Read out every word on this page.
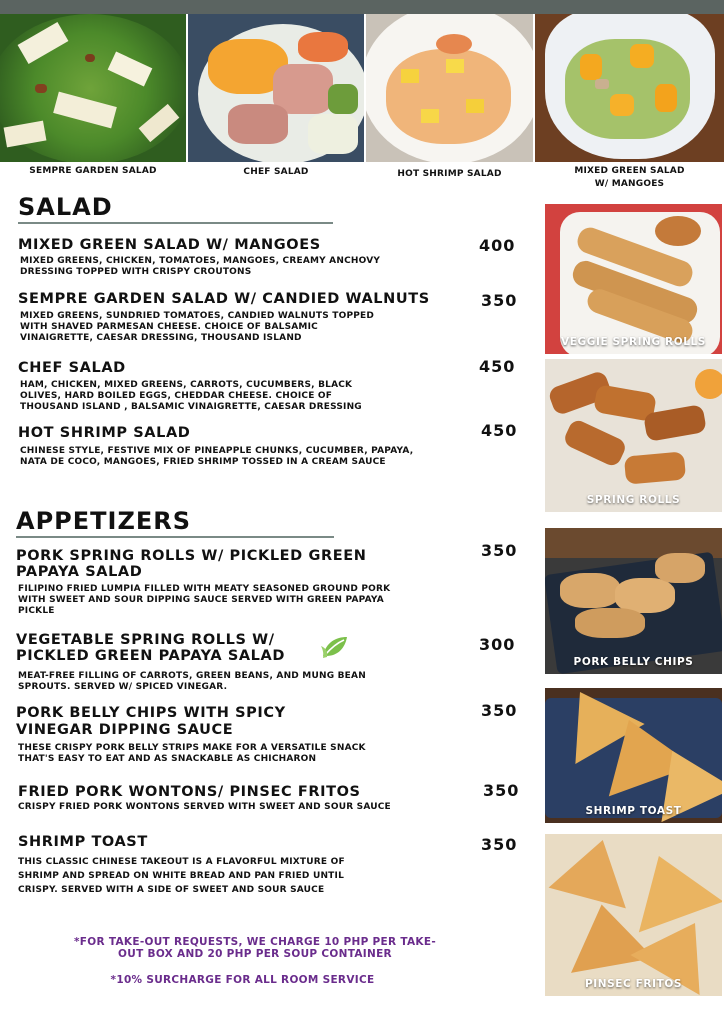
SEMPRE GARDEN SALAD	CHEF SALAD	HOT SHRIMP SALAD	MIXED GREEN SALAD
W/ MANGOES
SALAD
MIXED GREEN SALAD W/ MANGOES	400
MIXED GREENS, CHICKEN, TOMATOES, MANGOES, CREAMY ANCHOVY
DRESSING TOPPED WITH CRISPY CROUTONS
SEMPRE GARDEN SALAD W/ CANDIED WALNUTS	350
MIXED GREENS, SUNDRIED TOMATOES, CANDIED WALNUTS TOPPED
WITH SHAVED PARMESAN CHEESE. CHOICE OF BALSAMIC
VINAIGRETTE, CAESAR DRESSING, THOUSAND ISLAND
CHEF SALAD	450
HAM, CHICKEN, MIXED GREENS, CARROTS, CUCUMBERS, BLACK
OLIVES, HARD BOILED EGGS, CHEDDAR CHEESE. CHOICE OF
THOUSAND ISLAND , BALSAMIC VINAIGRETTE, CAESAR DRESSING
HOT SHRIMP SALAD	450
CHINESE STYLE, FESTIVE MIX OF PINEAPPLE CHUNKS, CUCUMBER, PAPAYA,
NATA DE COCO, MANGOES, FRIED SHRIMP TOSSED IN A CREAM SAUCE
APPETIZERS
PORK SPRING ROLLS W/ PICKLED GREEN
PAPAYA SALAD
350
FILIPINO FRIED LUMPIA FILLED WITH MEATY SEASONED GROUND PORK
WITH SWEET AND SOUR DIPPING SAUCE SERVED WITH GREEN PAPAYA
PICKLE
VEGETABLE SPRING ROLLS W/
PICKLED GREEN PAPAYA SALAD
300
MEAT-FREE FILLING OF CARROTS, GREEN BEANS, AND MUNG BEAN
SPROUTS. SERVED W/ SPICED VINEGAR.
PORK BELLY CHIPS WITH SPICY
VINEGAR DIPPING SAUCE
350
THESE CRISPY PORK BELLY STRIPS MAKE FOR A VERSATILE SNACK
THAT'S EASY TO EAT AND AS SNACKABLE AS CHICHARON
FRIED PORK WONTONS/ PINSEC FRITOS	350
CRISPY FRIED PORK WONTONS SERVED WITH SWEET AND SOUR SAUCE
SHRIMP TOAST	350
THIS CLASSIC CHINESE TAKEOUT IS A FLAVORFUL MIXTURE OF
SHRIMP AND SPREAD ON WHITE BREAD AND PAN FRIED UNTIL
CRISPY. SERVED WITH A SIDE OF SWEET AND SOUR SAUCE
*FOR TAKE-OUT REQUESTS, WE CHARGE 10 PHP PER TAKE-
OUT BOX AND 20 PHP PER SOUP CONTAINER
*10% SURCHARGE FOR ALL ROOM SERVICE
VEGGIE SPRING ROLLS
SPRING ROLLS
PORK BELLY CHIPS
SHRIMP TOAST
PINSEC FRITOS
